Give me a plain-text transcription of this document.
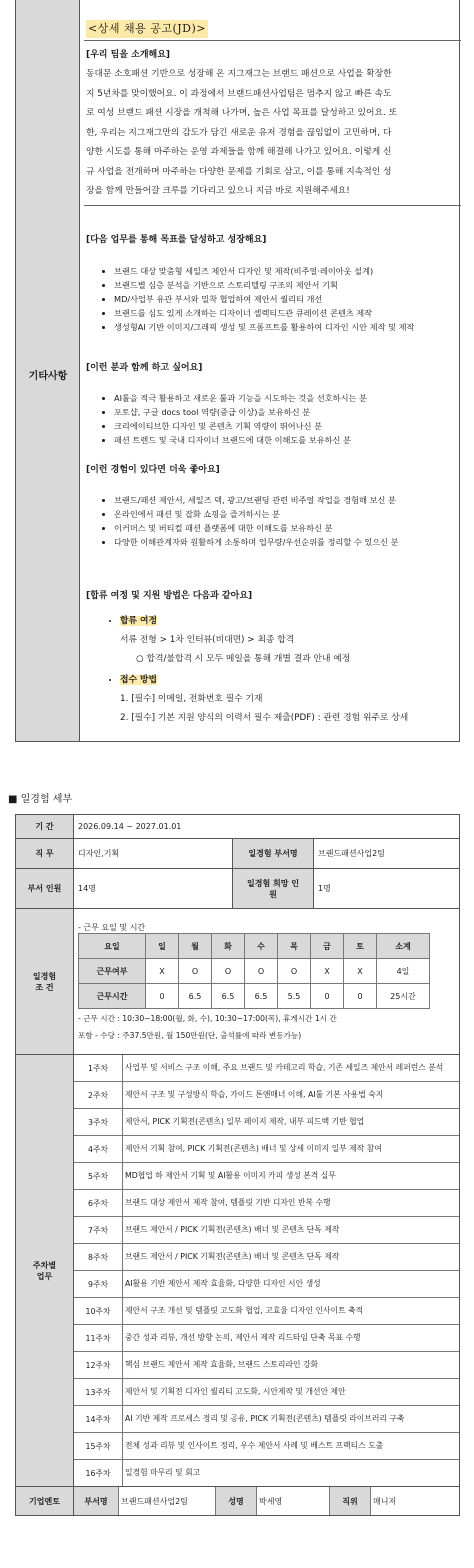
기타사항
<상세 채용 공고(JD)>
[우리 팀을 소개해요]
동대문 소호패션 기반으로 성장해 온 지그재그는 브랜드 패션으로 사업을 확장한
지 5년차를 맞이했어요. 이 과정에서 브랜드패션사업팀은 멈추지 않고 빠른 속도
로 여성 브랜드 패션 시장을 개척해 나가며, 높은 사업 목표를 달성하고 있어요. 또
한, 우리는 지그재그만의 감도가 담긴 새로운 유저 경험을 끊임없이 고민하며, 다
양한 시도를 통해 마주하는 운영 과제들을 함께 해결해 나가고 있어요. 이렇게 신
규 사업을 전개하며 마주하는 다양한 문제를 기회로 삼고, 이를 통해 지속적인 성
장을 함께 만들어갈 크루를 기다리고 있으니 지금 바로 지원해주세요!
[다음 업무를 통해 목표를 달성하고 성장해요]
• 브랜드 대상 맞춤형 세일즈 제안서 디자인 및 제작(비주얼·레이아웃 설계)
• 브랜드별 심층 분석을 기반으로 스토리텔링 구조의 제안서 기획
• MD/사업부 유관 부서와 밀착 협업하여 제안서 퀄리티 개선
• 브랜드를 심도 있게 소개하는 디자이너 셀렉티드관 큐레이션 콘텐츠 제작
• 생성형AI 기반 이미지/그래픽 생성 및 프롬프트를 활용하여 디자인 시안 제작 및 제작
[이런 분과 함께 하고 싶어요]
• AI툴을 적극 활용하고 새로운 툴과 기능을 시도하는 것을 선호하시는 분
• 포토샵, 구글 docs tool 역량(중급 이상)을 보유하신 분
• 크리에이티브한 디자인 및 콘텐츠 기획 역량이 뛰어나신 분
• 패션 트렌드 및 국내 디자이너 브랜드에 대한 이해도를 보유하신 분
[이런 경험이 있다면 더욱 좋아요]
• 브랜드/패션 제안서, 세일즈 덱, 광고/브랜딩 관련 비주얼 작업을 경험해 보신 분
• 온라인에서 패션 및 잡화 쇼핑을 즐겨하시는 분
• 이커머스 및 버티컬 패션 플랫폼에 대한 이해도를 보유하신 분
• 다양한 이해관계자와 원활하게 소통하며 업무량/우선순위를 정리할 수 있으신 분
[합류 여정 및 지원 방법은 다음과 같아요]
• 합류 여정
서류 전형 > 1차 인터뷰(비대면) > 최종 합격
○ 합격/불합격 시 모두 메일을 통해 개별 결과 안내 예정
• 접수 방법
1. [필수] 이메일, 전화번호 필수 기재
2. [필수] 기본 지원 양식의 이력서 필수 제출(PDF) : 관련 경험 위주로 상세
■ 일경험 세부
기 간	2026.09.14 ~ 2027.01.01
직 무	디자인,기획	일경험 부서명	브랜드패션사업2팀
부서 인원	14명	
일경험 희망 인
원
	1명

일경험
조 건

- 근무 요일 및 시간
요일	일	월	화	수	목	금	토	소계
근무여부	X	O	O	O	O	X	X	4일
근무시간	0	6.5	6.5	6.5	5.5	0	0	25시간
- 근무 시간 : 10:30~18:00(월, 화, 수), 10:30~17:00(목), 휴게시간 1시 간
포함 - 수당 : 주37.5만원, 월 150만원(단, 출석률에 따라 변동가능)

주차별
업무

1주차	사업부 및 서비스 구조 이해, 주요 브랜드 및 카테고리 학습, 기존 세일즈 제안서 레퍼런스 분석
2주차	제안서 구조 및 구성방식 학습, 가이드 톤앤매너 이해, AI툴 기본 사용법 숙지
3주차	제안서, PICK 기획전(콘텐츠) 일부 페이지 제작, 내부 피드백 기반 협업
4주차	제안서 기획 참여, PICK 기획전(콘텐츠) 배너 및 상세 이미지 일부 제작 참여
5주차	MD협업 하 제안서 기획 및 AI활용 이미지 카피 생성 본격 실무
6주차	브랜드 대상 제안서 제작 참여, 템플릿 기반 디자인 반복 수행
7주차	브랜드 제안서 / PICK 기획전(콘텐츠) 배너 및 콘텐츠 단독 제작
8주차	브랜드 제안서 / PICK 기획전(콘텐츠) 배너 및 콘텐츠 단독 제작
9주차	AI활용 기반 제안서 제작 효율화, 다양한 디자인 시안 생성
10주차	제안서 구조 개선 및 템플릿 고도화 협업, 고효율 디자인 인사이트 축적
11주차	중간 성과 리뷰, 개선 방향 논의, 제안서 제작 리드타임 단축 목표 수행
12주차	핵심 브랜드 제안서 제작 효율화, 브랜드 스토리라인 강화
13주차	제안서 및 기획전 디자인 퀄리티 고도화, 시안제작 및 개선안 제안
14주차	AI 기반 제작 프로세스 정리 및 공유, PICK 기획전(콘텐츠) 템플릿 라이브러리 구축
15주차	전체 성과 리뷰 및 인사이트 정리, 우수 제안서 사례 및 베스트 프랙티스 도출
16주차	일경험 마무리 및 회고

기업멘토		부서명	브랜드패션사업2팀	성명	박세영	직위	매니저
